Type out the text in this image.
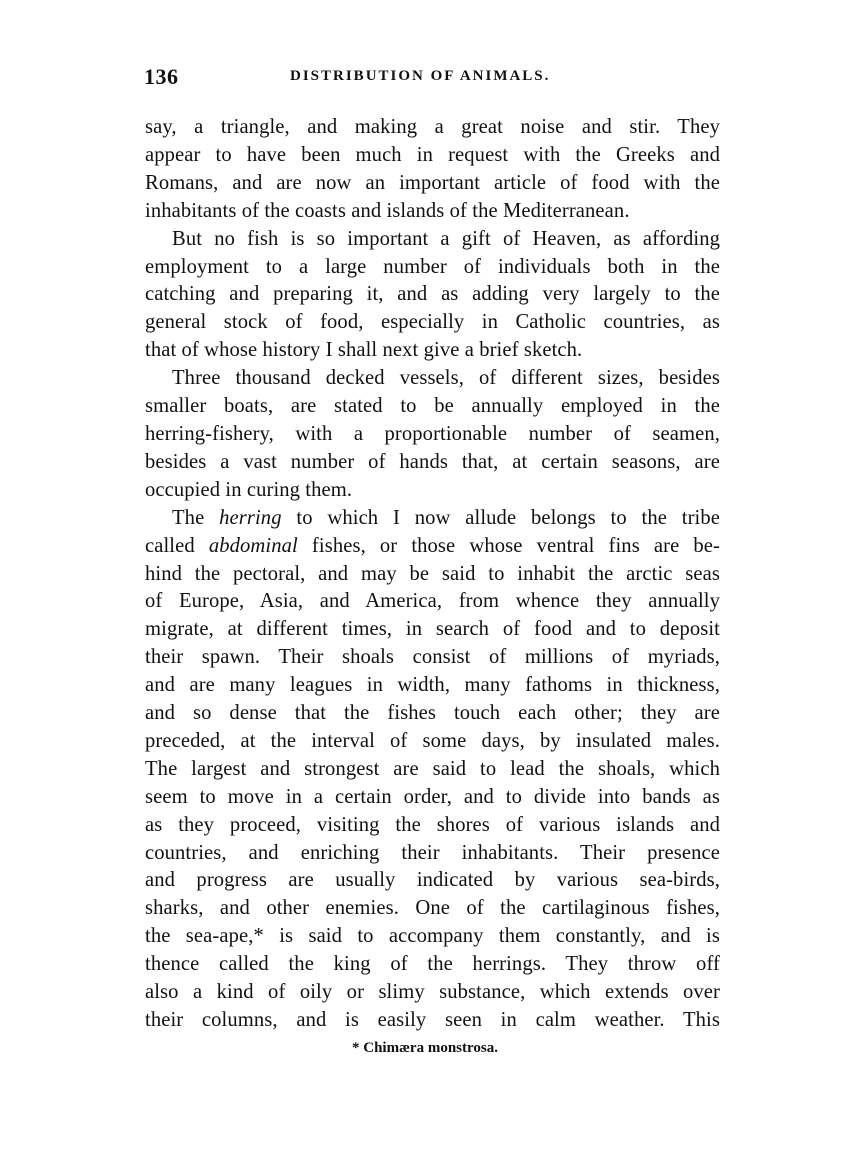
136	DISTRIBUTION OF ANIMALS.
say, a triangle, and making a great noise and stir. They
appear to have been much in request with the Greeks and
Romans, and are now an important article of food with the
inhabitants of the coasts and islands of the Mediterranean.
But no fish is so important a gift of Heaven, as affording
employment to a large number of individuals both in the
catching and preparing it, and as adding very largely to the
general stock of food, especially in Catholic countries, as
that of whose history I shall next give a brief sketch.
Three thousand decked vessels, of different sizes, besides
smaller boats, are stated to be annually employed in the
herring-fishery, with a proportionable number of seamen,
besides a vast number of hands that, at certain seasons, are
occupied in curing them.
The herring to which I now allude belongs to the tribe
called abdominal fishes, or those whose ventral fins are be-
hind the pectoral, and may be said to inhabit the arctic seas
of Europe, Asia, and America, from whence they annually
migrate, at different times, in search of food and to deposit
their spawn. Their shoals consist of millions of myriads,
and are many leagues in width, many fathoms in thickness,
and so dense that the fishes touch each other; they are
preceded, at the interval of some days, by insulated males.
The largest and strongest are said to lead the shoals, which
seem to move in a certain order, and to divide into bands as
as they proceed, visiting the shores of various islands and
countries, and enriching their inhabitants. Their presence
and progress are usually indicated by various sea-birds,
sharks, and other enemies. One of the cartilaginous fishes,
the sea-ape,* is said to accompany them constantly, and is
thence called the king of the herrings. They throw off
also a kind of oily or slimy substance, which extends over
their columns, and is easily seen in calm weather. This
* Chimæra monstrosa.
